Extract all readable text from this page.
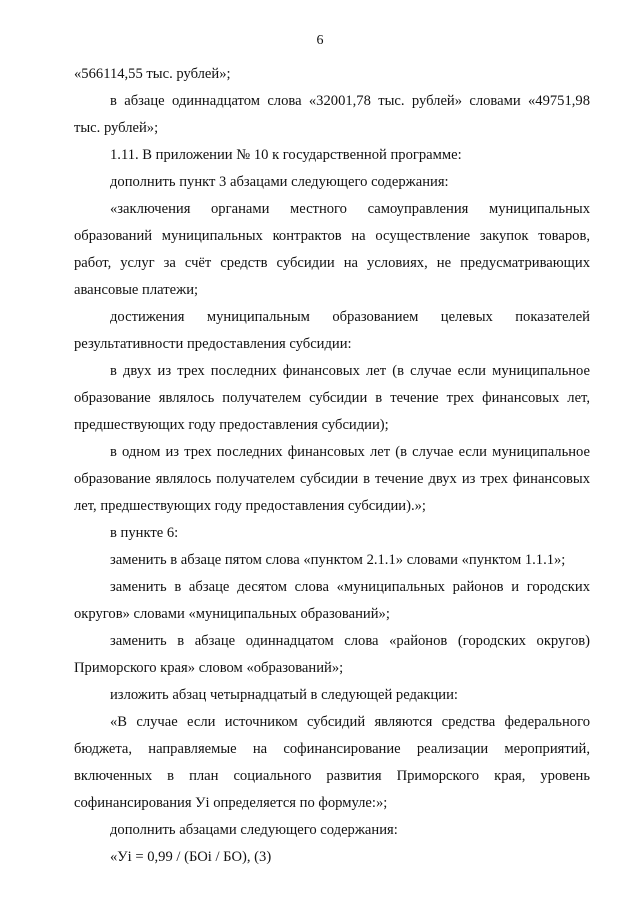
6

«566114,55 тыс. рублей»;

в абзаце одиннадцатом слова «32001,78 тыс. рублей» словами «49751,98 тыс. рублей»;

1.11. В приложении № 10 к государственной программе:

дополнить пункт 3 абзацами следующего содержания:

«заключения органами местного самоуправления муниципальных образований муниципальных контрактов на осуществление закупок товаров, работ, услуг за счёт средств субсидии на условиях, не предусматривающих авансовые платежи;

достижения муниципальным образованием целевых показателей результативности предоставления субсидии:

в двух из трех последних финансовых лет (в случае если муниципальное образование являлось получателем субсидии в течение трех финансовых лет, предшествующих году предоставления субсидии);

в одном из трех последних финансовых лет (в случае если муниципальное образование являлось получателем субсидии в течение двух из трех финансовых лет, предшествующих году предоставления субсидии).»;

в пункте 6:

заменить в абзаце пятом слова «пунктом 2.1.1» словами «пунктом 1.1.1»;

заменить в абзаце десятом слова «муниципальных районов и городских округов» словами «муниципальных образований»;

заменить в абзаце одиннадцатом слова «районов (городских округов) Приморского края» словом «образований»;

изложить абзац четырнадцатый в следующей редакции:

«В случае если источником субсидий являются средства федерального бюджета, направляемые на софинансирование реализации мероприятий, включенных в план социального развития Приморского края, уровень софинансирования Уi определяется по формуле:»;

дополнить абзацами следующего содержания:

«Уi = 0,99 / (БОi / БО), (3)
